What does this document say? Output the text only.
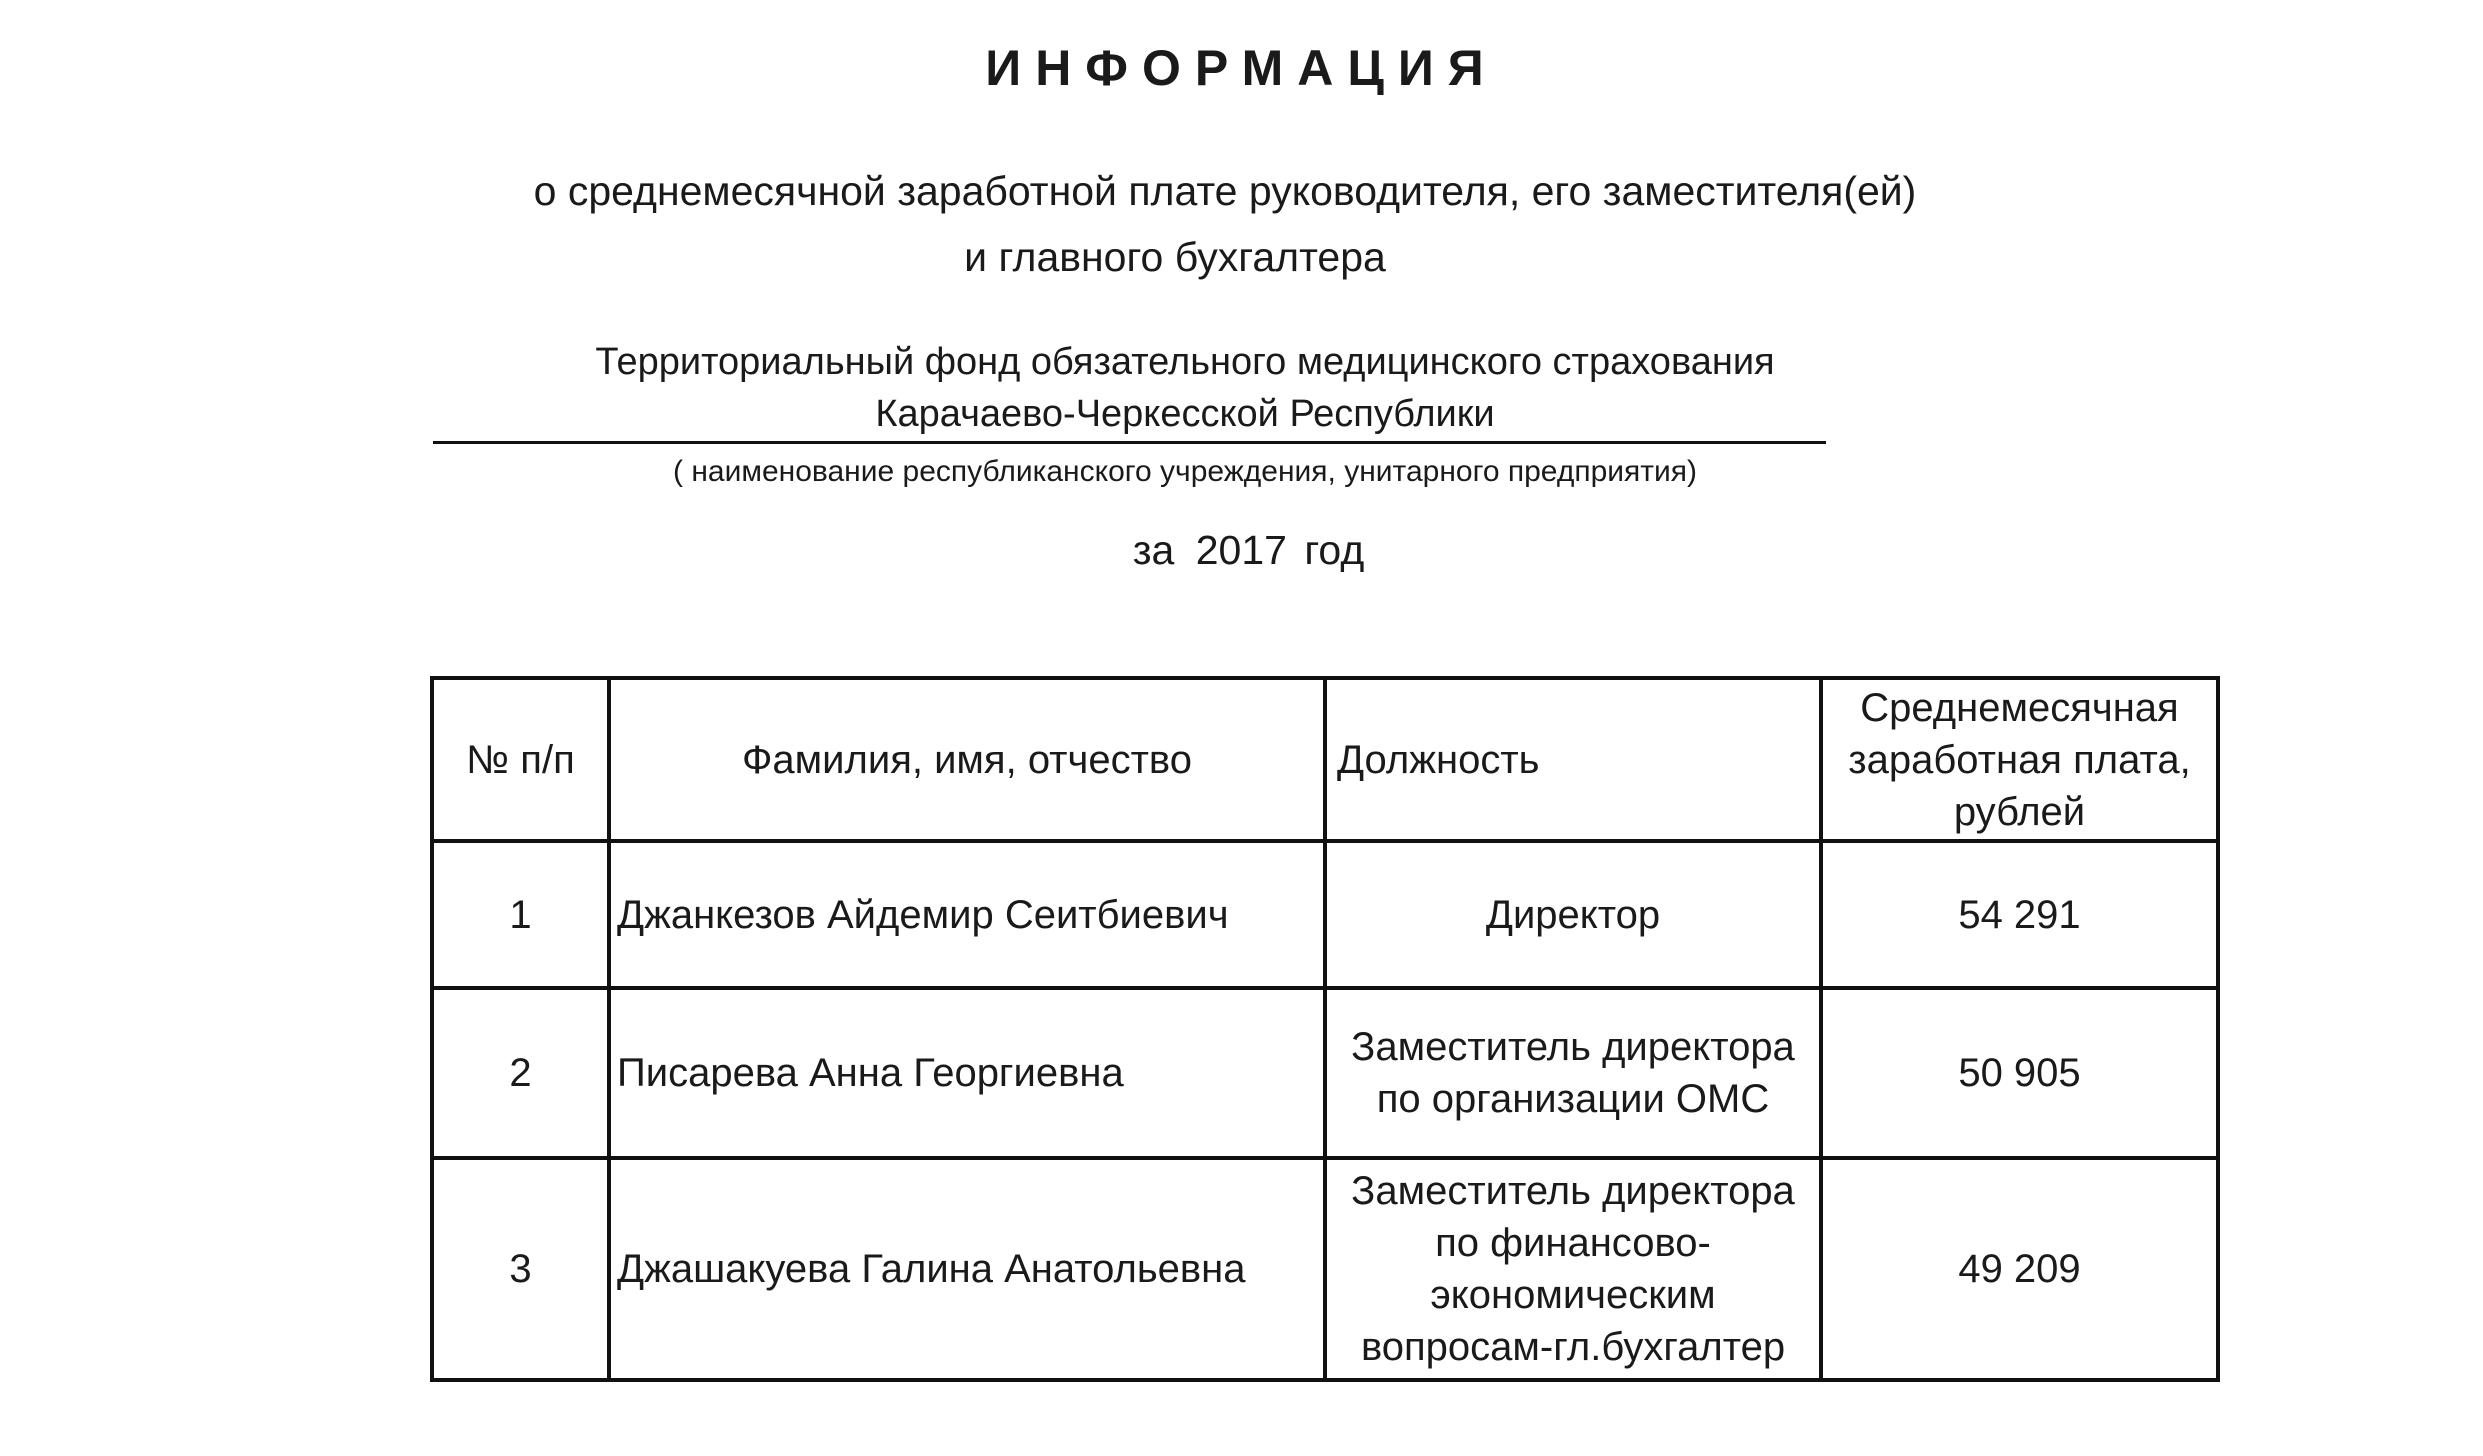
ИНФОРМАЦИЯ
о среднемесячной заработной плате руководителя, его заместителя(ей)
и главного бухгалтера
Территориальный фонд обязательного медицинского страхования
Карачаево-Черкесской Республики
( наименование республиканского учреждения, унитарного предприятия)
за 2017 год
№ п/п	Фамилия, имя, отчество	Должность	Среднемесячная заработная плата, рублей
1	Джанкезов Айдемир Сеитбиевич	Директор	54 291
2	Писарева Анна Георгиевна	Заместитель директора по организации ОМС	50 905
3	Джашакуева Галина Анатольевна	Заместитель директора по финансово-экономическим вопросам-гл.бухгалтер	49 209
